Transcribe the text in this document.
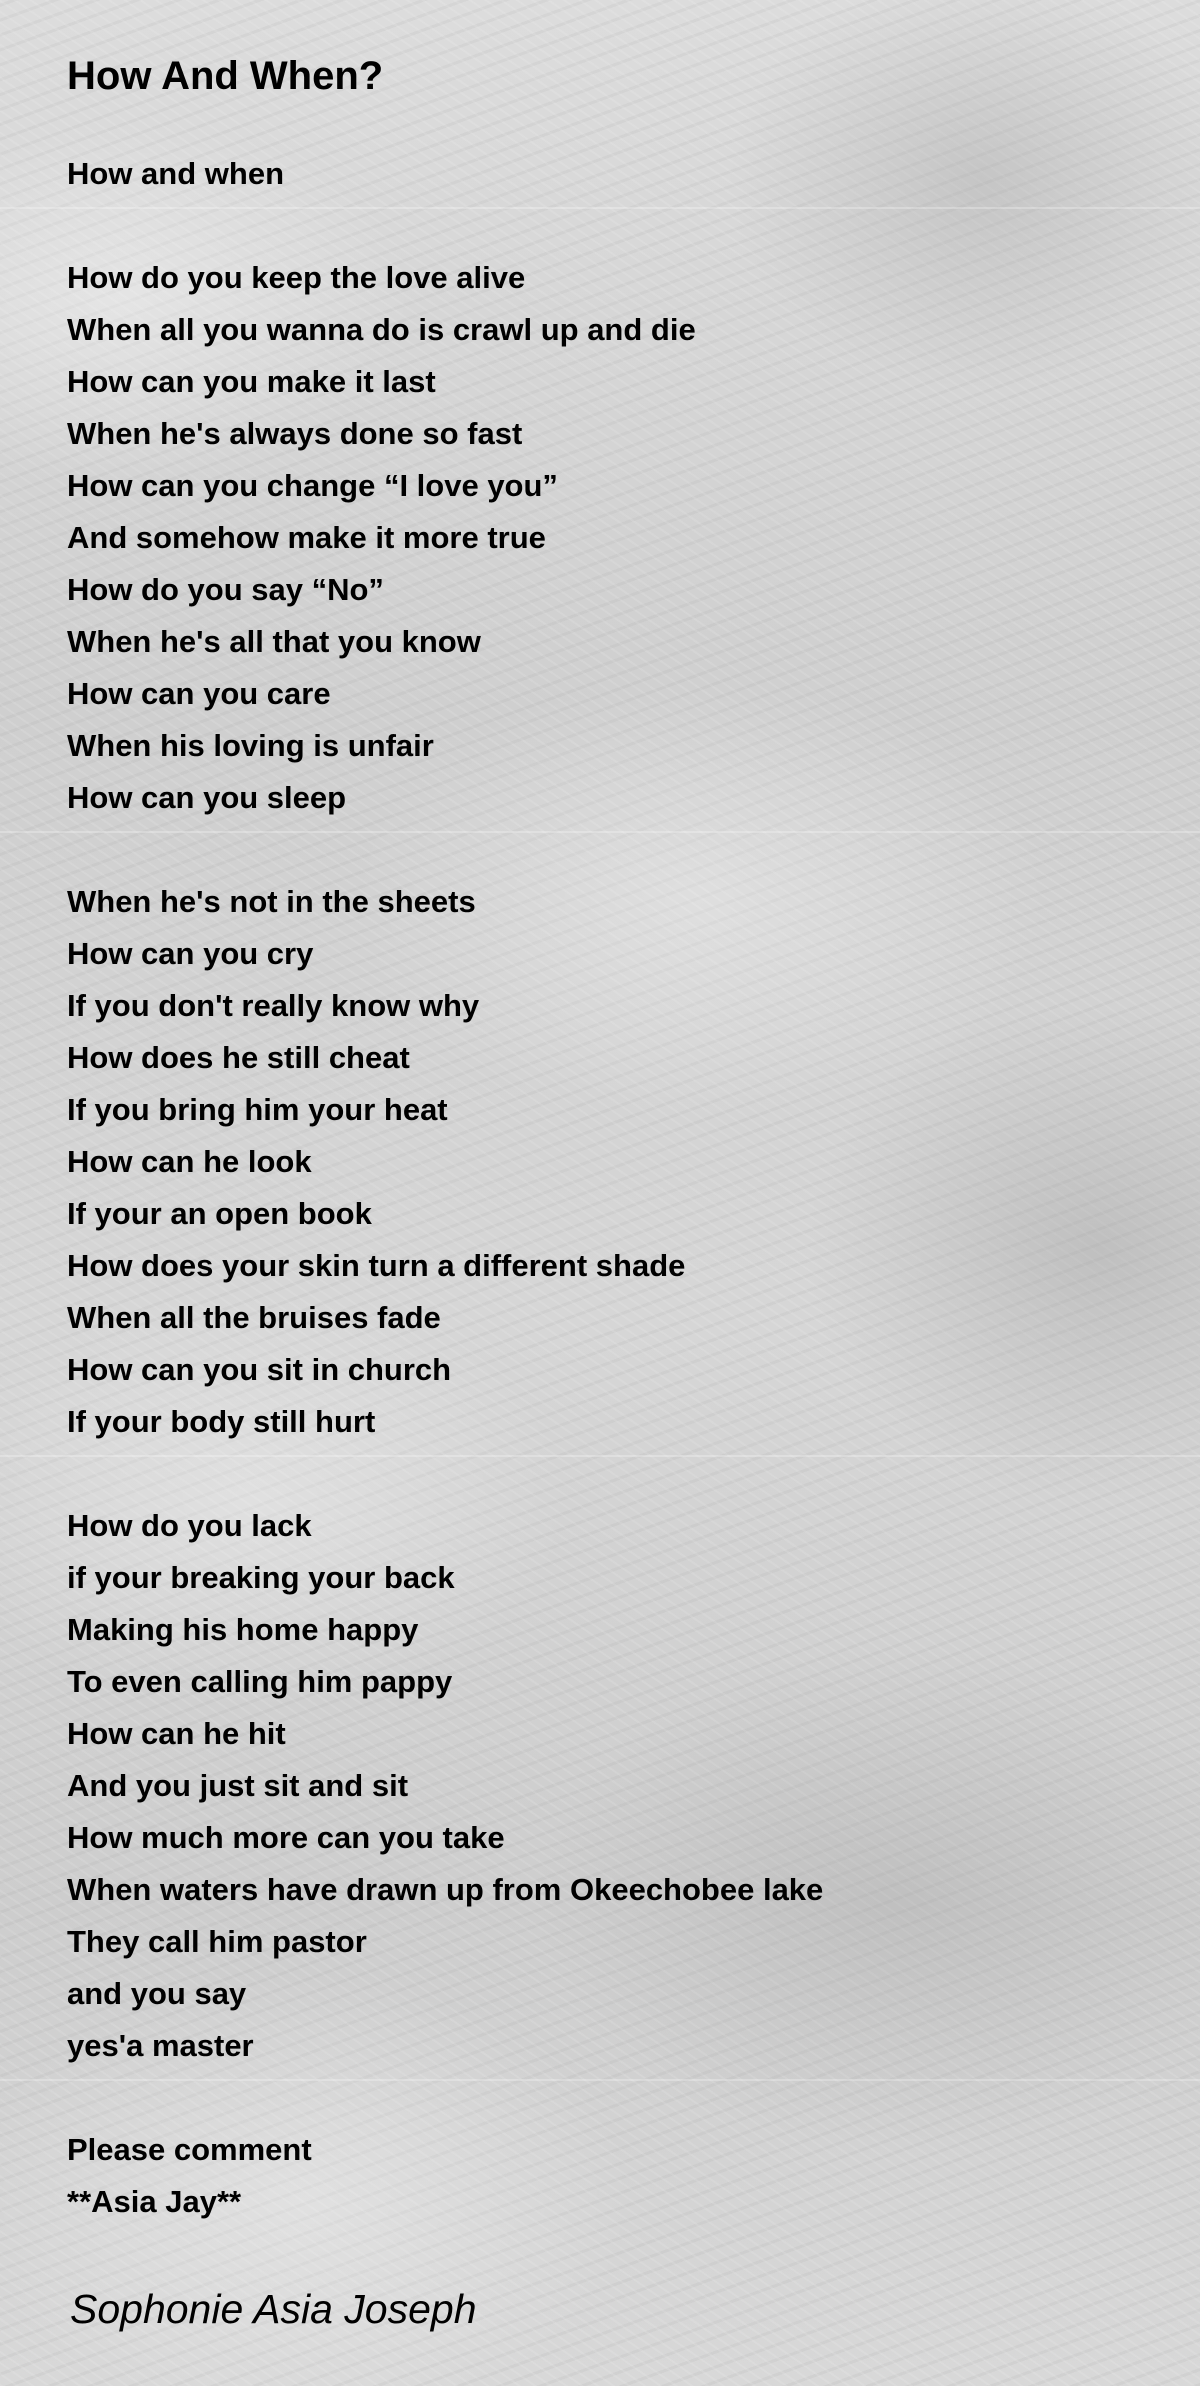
How And When?
How and when
How do you keep the love alive
When all you wanna do is crawl up and die
How can you make it last
When he's always done so fast
How can you change “I love you”
And somehow make it more true
How do you say “No”
When he's all that you know
How can you care
When his loving is unfair
How can you sleep
When he's not in the sheets
How can you cry
If you don't really know why
How does he still cheat
If you bring him your heat
How can he look
If your an open book
How does your skin turn a different shade
When all the bruises fade
How can you sit in church
If your body still hurt
How do you lack
if your breaking your back
Making his home happy
To even calling him pappy
How can he hit
And you just sit and sit
How much more can you take
When waters have drawn up from Okeechobee lake
They call him pastor
and you say
yes'a master
Please comment
**Asia Jay**
Sophonie Asia Joseph
